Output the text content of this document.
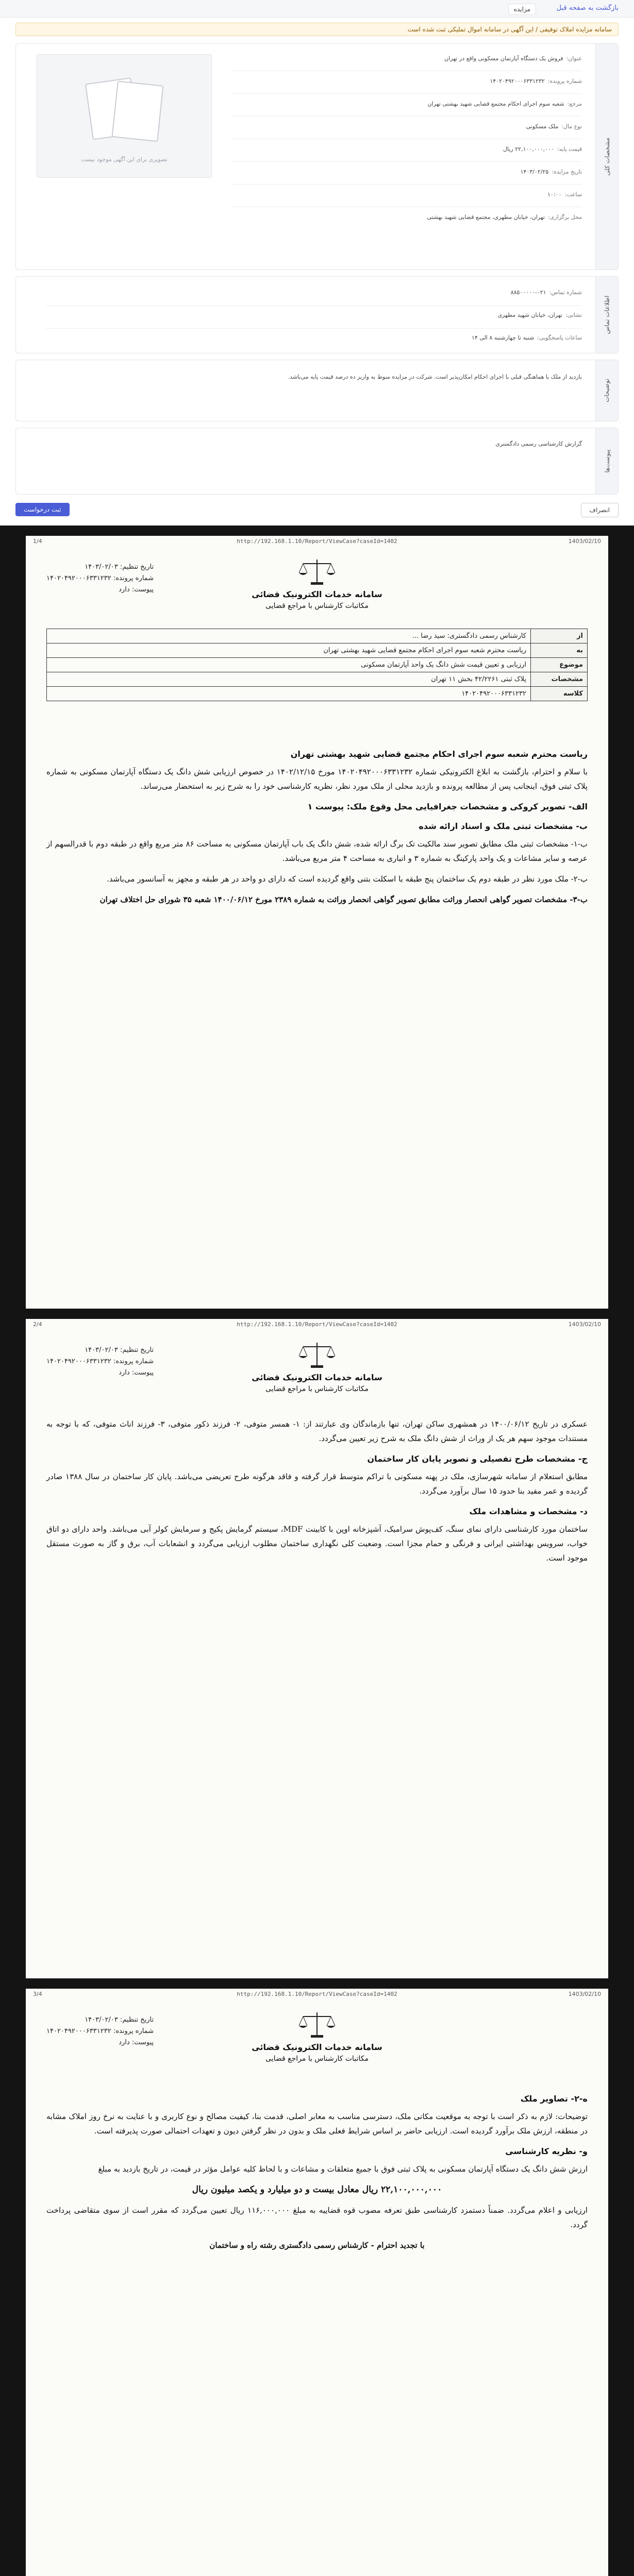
بازگشت به صفحه قبل
مزایده
سامانه مزایده املاک توقیفی / این آگهی در سامانه اموال تملیکی ثبت شده است
مشخصات کلی
عنوان:فروش یک دستگاه آپارتمان مسکونی واقع در تهران
شماره پرونده:۱۴۰۲۰۴۹۲۰۰۰۶۳۳۱۲۳۲
مرجع:شعبه سوم اجرای احکام مجتمع قضایی شهید بهشتی تهران
نوع مال:ملک مسکونی
قیمت پایه:۲۲,۱۰۰,۰۰۰,۰۰۰ ریال
تاریخ مزایده:۱۴۰۳/۰۲/۲۵
ساعت:۱۰:۰۰
محل برگزاری:تهران، خیابان مطهری، مجتمع قضایی شهید بهشتی
تصویری برای این آگهی موجود نیست
اطلاعات تماس
شماره تماس:۰۲۱-۸۸۵۰۰۰۰۰
نشانی:تهران، خیابان شهید مطهری
ساعات پاسخگویی:شنبه تا چهارشنبه ۸ الی ۱۴
توضیحات
بازدید از ملک با هماهنگی قبلی با اجرای احکام امکان‌پذیر است. شرکت در مزایده منوط به واریز ده درصد قیمت پایه می‌باشد.
پیوست‌ها
گزارش کارشناسی رسمی دادگستری
ثبت درخواست	انصراف
http://192.168.1.10/Report/ViewCase?caseId=1402	1403/02/10
1/4
سامانه خدمات الکترونیک قضائی
مکاتبات کارشناس با مراجع قضایی
تاریخ تنظیم: ۱۴۰۳/۰۲/۰۳
شماره پرونده: ۱۴۰۲۰۴۹۲۰۰۰۶۳۳۱۲۳۲
پیوست: دارد
از	کارشناس رسمی دادگستری: سید رضا ...
به	ریاست محترم شعبه سوم اجرای احکام مجتمع قضایی شهید بهشتی تهران
موضوع	ارزیابی و تعیین قیمت شش دانگ یک واحد آپارتمان مسکونی
مشخصات	پلاک ثبتی ۴۲/۲۲۶۱ بخش ۱۱ تهران
کلاسه	۱۴۰۲۰۴۹۲۰۰۰۶۳۳۱۲۳۲
ریاست محترم شعبه سوم اجرای احکام مجتمع قضایی شهید بهشتی تهران

با سلام و احترام، بازگشت به ابلاغ الکترونیکی شماره ۱۴۰۲۰۴۹۲۰۰۰۶۳۳۱۲۳۲ مورخ ۱۴۰۲/۱۲/۱۵ در خصوص ارزیابی شش دانگ یک دستگاه آپارتمان مسکونی به شماره پلاک ثبتی فوق، اینجانب پس از مطالعه پرونده و بازدید محلی از ملک مورد نظر، نظریه کارشناسی خود را به شرح زیر به استحضار می‌رساند.

الف- تصویر کروکی و مشخصات جغرافیایی محل وقوع ملک: پیوست ۱
ب- مشخصات ثبتی ملک و اسناد ارائه شده

ب-۱- مشخصات ثبتی ملک مطابق تصویر سند مالکیت تک برگ ارائه شده، شش دانگ یک باب آپارتمان مسکونی به مساحت ۸۶ متر مربع واقع در طبقه دوم با قدرالسهم از عرصه و سایر مشاعات و یک واحد پارکینگ به شماره ۳ و انباری به مساحت ۴ متر مربع می‌باشد.

ب-۲- ملک مورد نظر در طبقه دوم یک ساختمان پنج طبقه با اسکلت بتنی واقع گردیده است که دارای دو واحد در هر طبقه و مجهز به آسانسور می‌باشد.

ب-۳- مشخصات تصویر گواهی انحصار وراثت مطابق تصویر گواهی انحصار وراثت به شماره ۲۳۸۹ مورخ ۱۴۰۰/۰۶/۱۲ شعبه ۳۵ شورای حل اختلاف تهران

http://192.168.1.10/Report/ViewCase?caseId=1402	1403/02/10
2/4
سامانه خدمات الکترونیک قضائی
مکاتبات کارشناس با مراجع قضایی
تاریخ تنظیم: ۱۴۰۳/۰۲/۰۳
شماره پرونده: ۱۴۰۲۰۴۹۲۰۰۰۶۳۳۱۲۳۲
پیوست: دارد

عسکری در تاریخ ۱۴۰۰/۰۶/۱۲ در همشهری ساکن تهران، تنها بازماندگان وی عبارتند از: ۱- همسر متوفی، ۲- فرزند ذکور متوفی، ۳- فرزند اناث متوفی، که با توجه به مستندات موجود سهم هر یک از وراث از شش دانگ ملک به شرح زیر تعیین می‌گردد.

ج- مشخصات طرح تفصیلی و تصویر پایان کار ساختمان

مطابق استعلام از سامانه شهرسازی، ملک در پهنه مسکونی با تراکم متوسط قرار گرفته و فاقد هرگونه طرح تعریضی می‌باشد. پایان کار ساختمان در سال ۱۳۸۸ صادر گردیده و عمر مفید بنا حدود ۱۵ سال برآورد می‌گردد.

د- مشخصات و مشاهدات ملک

ساختمان مورد کارشناسی دارای نمای سنگ، کف‌پوش سرامیک، آشپزخانه اوپن با کابینت MDF، سیستم گرمایش پکیج و سرمایش کولر آبی می‌باشد. واحد دارای دو اتاق خواب، سرویس بهداشتی ایرانی و فرنگی و حمام مجزا است. وضعیت کلی نگهداری ساختمان مطلوب ارزیابی می‌گردد و انشعابات آب، برق و گاز به صورت مستقل موجود است.

http://192.168.1.10/Report/ViewCase?caseId=1402	1403/02/10
3/4
سامانه خدمات الکترونیک قضائی
مکاتبات کارشناس با مراجع قضایی
تاریخ تنظیم: ۱۴۰۳/۰۲/۰۳
شماره پرونده: ۱۴۰۲۰۴۹۲۰۰۰۶۳۳۱۲۳۲
پیوست: دارد
ه-۲- تصاویر ملک

توضیحات: لازم به ذکر است با توجه به موقعیت مکانی ملک، دسترسی مناسب به معابر اصلی، قدمت بنا، کیفیت مصالح و نوع کاربری و با عنایت به نرخ روز املاک مشابه در منطقه، ارزش ملک برآورد گردیده است. ارزیابی حاضر بر اساس شرایط فعلی ملک و بدون در نظر گرفتن دیون و تعهدات احتمالی صورت پذیرفته است.

و- نظریه کارشناسی

ارزش شش دانگ یک دستگاه آپارتمان مسکونی به پلاک ثبتی فوق با جمیع متعلقات و مشاعات و با لحاظ کلیه عوامل مؤثر در قیمت، در تاریخ بازدید به مبلغ

۲۲,۱۰۰,۰۰۰,۰۰۰ ریال معادل بیست و دو میلیارد و یکصد میلیون ریال

ارزیابی و اعلام می‌گردد. ضمناً دستمزد کارشناسی طبق تعرفه مصوب قوه قضاییه به مبلغ ۱۱۶,۰۰۰,۰۰۰ ریال تعیین می‌گردد که مقرر است از سوی متقاضی پرداخت گردد.

با تجدید احترام - کارشناس رسمی دادگستری رشته راه و ساختمان
